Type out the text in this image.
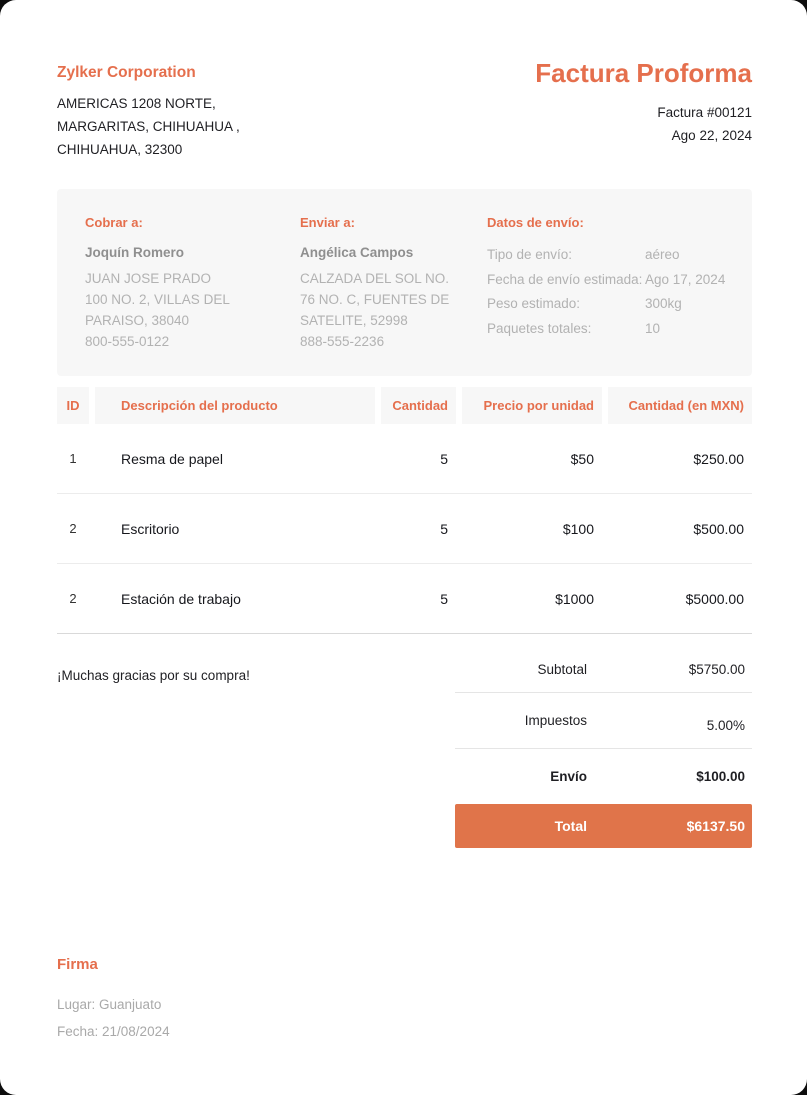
Zylker Corporation
AMERICAS 1208 NORTE,
MARGARITAS, CHIHUAHUA ,
CHIHUAHUA, 32300
Factura Proforma
Factura #00121
Ago 22, 2024
Cobrar a:
Joquín Romero
JUAN JOSE PRADO
100 NO. 2, VILLAS DEL
PARAISO, 38040
800-555-0122
Enviar a:
Angélica Campos
CALZADA DEL SOL NO.
76 NO. C, FUENTES DE
SATELITE, 52998
888-555-2236
Datos de envío:
Tipo de envío:	aéreo
Fecha de envío estimada: Ago 17, 2024
Peso estimado:	300kg
Paquetes totales:	10
ID	Descripción del producto	Cantidad	Precio por unidad	Cantidad (en MXN)
1	Resma de papel	5	$50	$250.00
2	Escritorio	5	$100	$500.00
2	Estación de trabajo	5	$1000	$5000.00
¡Muchas gracias por su compra!	Subtotal	$5750.00
Impuestos	5.00%
Envío	$100.00
Total	$6137.50
Firma
Lugar: Guanjuato
Fecha: 21/08/2024
